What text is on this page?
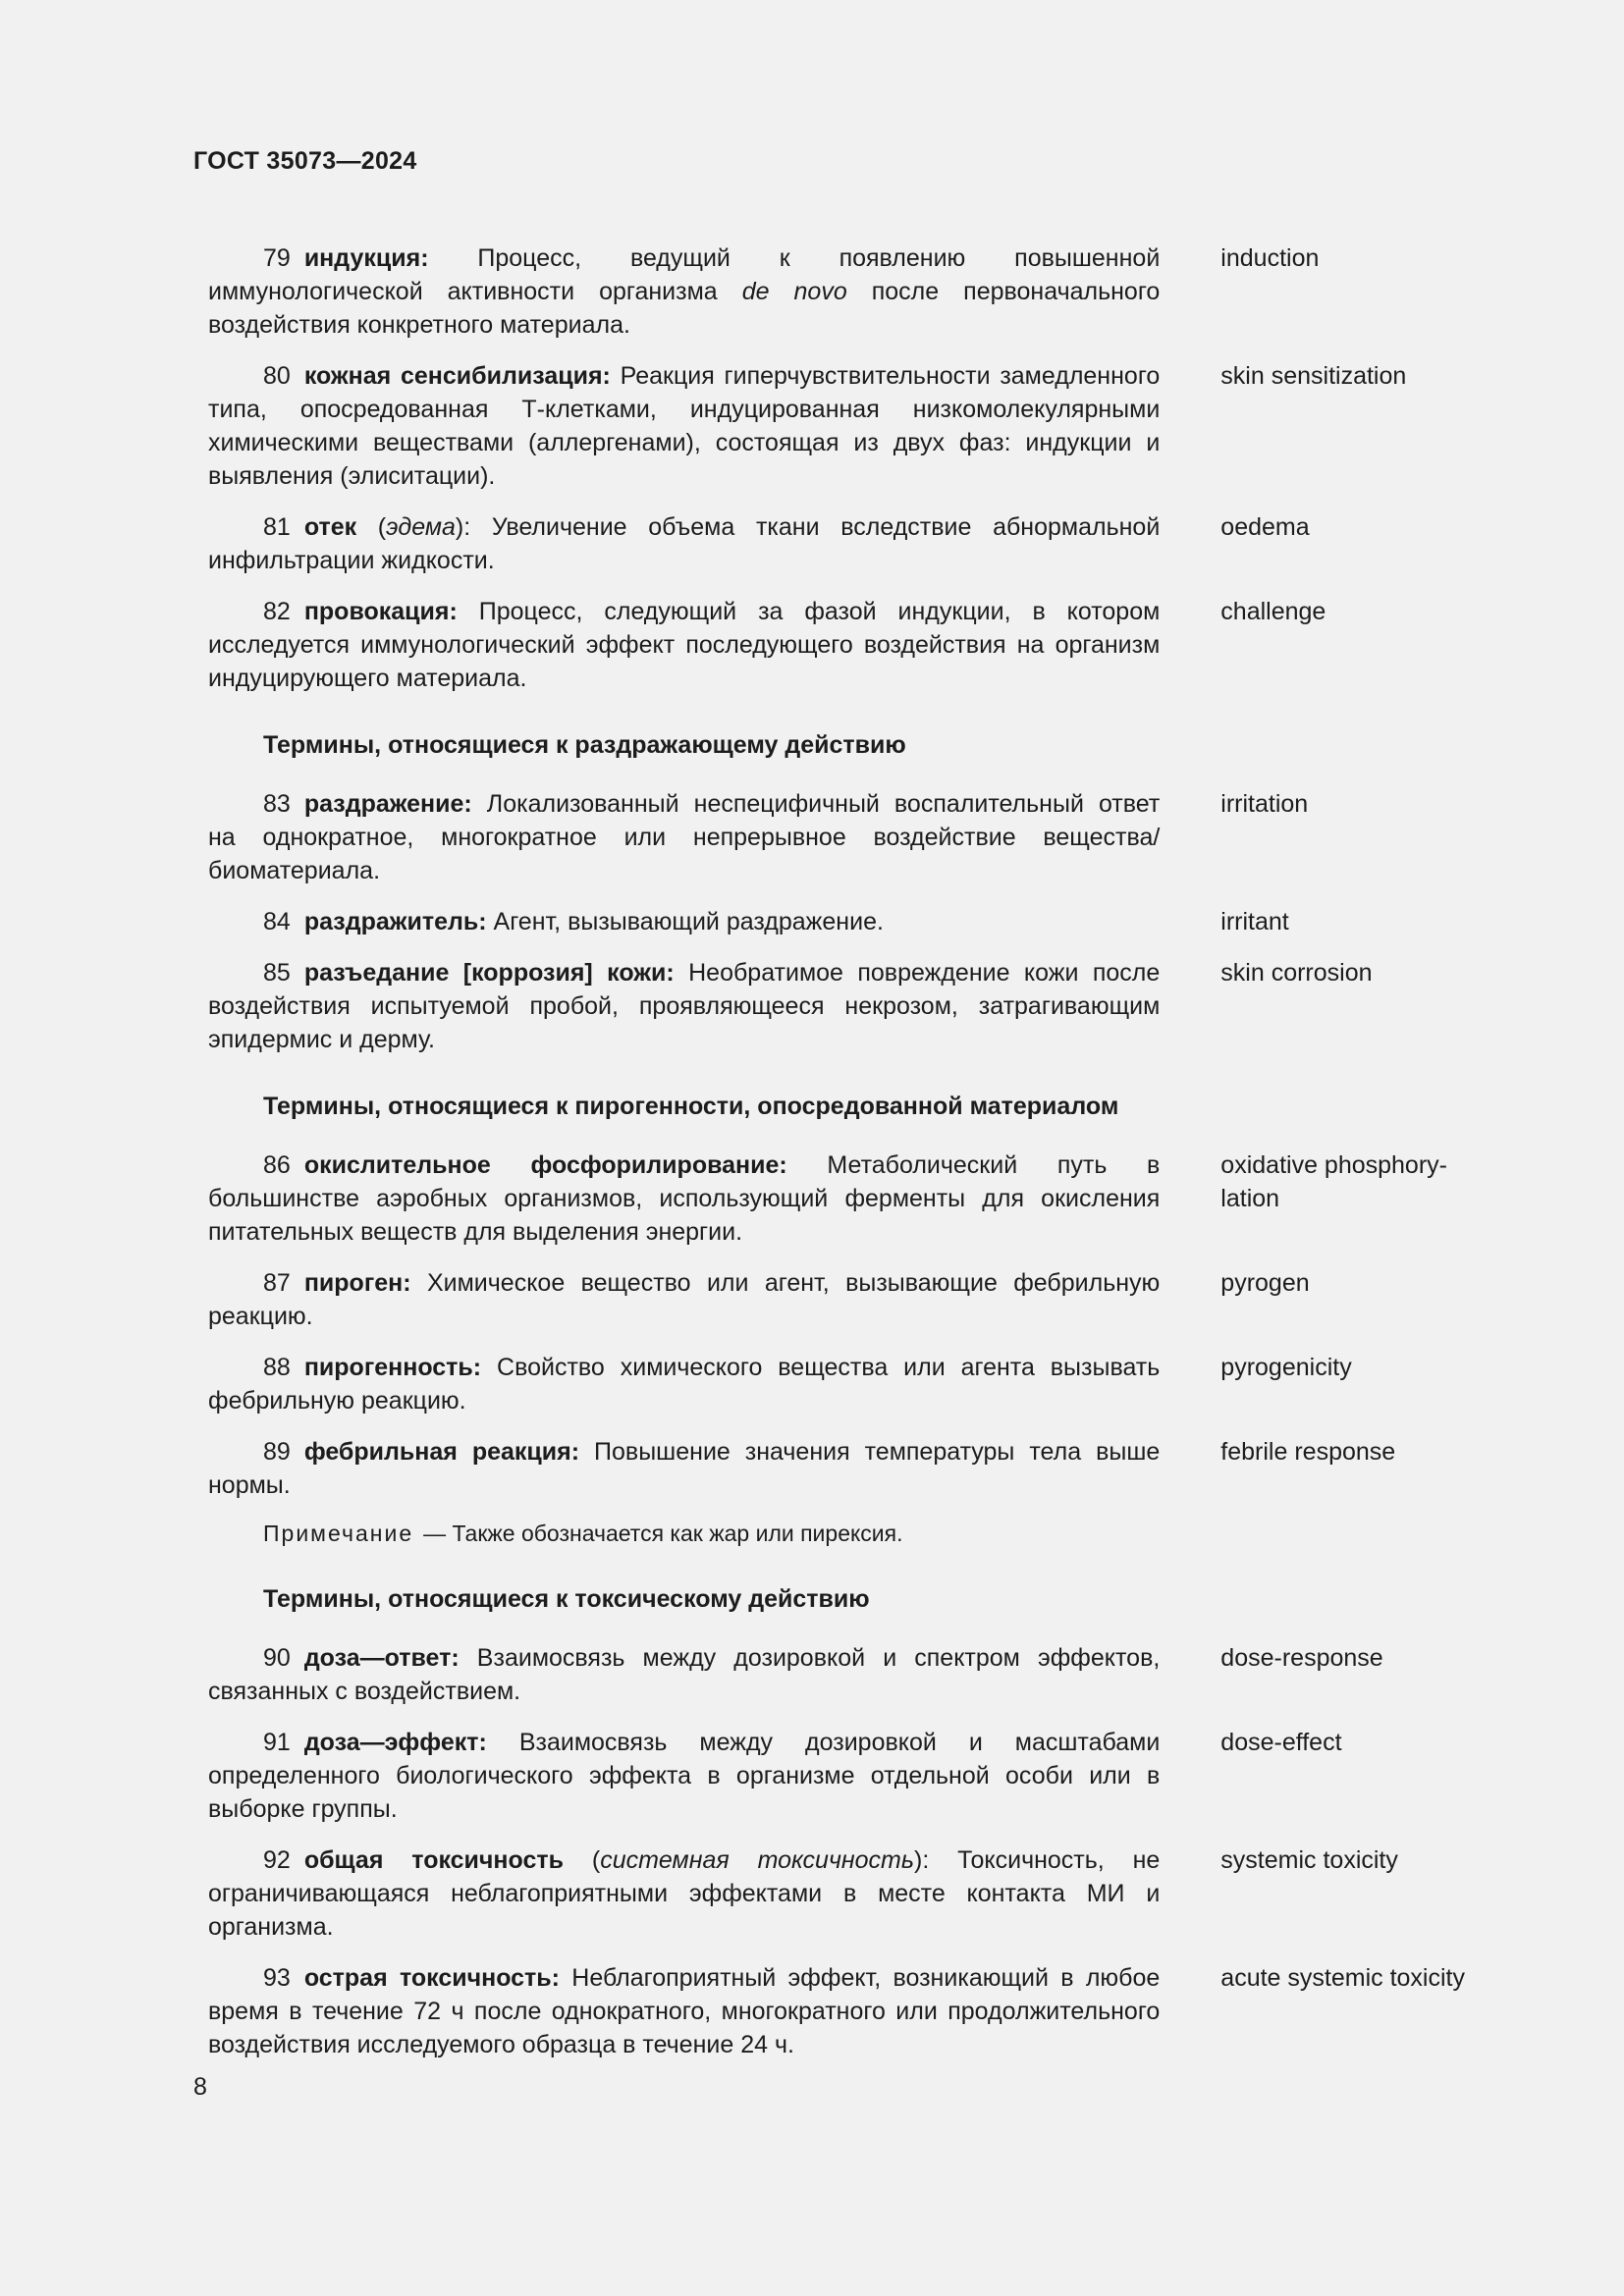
ГОСТ 35073—2024
79 индукция: Процесс, ведущий к появлению повышенной иммунологической активности организма de novo после первоначального воздействия конкретного материала.
induction
80 кожная сенсибилизация: Реакция гиперчувствительности замедленного типа, опосредованная Т-клетками, индуцированная низкомолекулярными химическими веществами (аллергенами), состоящая из двух фаз: индукции и выявления (элиситации).
skin sensitization
81 отек (эдема): Увеличение объема ткани вследствие абнормальной инфильтрации жидкости.
oedema
82 провокация: Процесс, следующий за фазой индукции, в котором исследуется иммунологический эффект последующего воздействия на организм индуцирующего материала.
challenge
Термины, относящиеся к раздражающему действию
83 раздражение: Локализованный неспецифичный воспалительный ответ на однократное, многократное или непрерывное воздействие вещества/биоматериала.
irritation
84 раздражитель: Агент, вызывающий раздражение.	irritant
85 разъедание [коррозия] кожи: Необратимое повреждение кожи после воздействия испытуемой пробой, проявляющееся некрозом, затрагивающим эпидермис и дерму.
skin corrosion
Термины, относящиеся к пирогенности, опосредованной материалом
86 окислительное фосфорилирование: Метаболический путь в большинстве аэробных организмов, использующий ферменты для окисления питательных веществ для выделения энергии.
oxidative phosphory-lation
87 пироген: Химическое вещество или агент, вызывающие фебрильную реакцию.
pyrogen
88 пирогенность: Свойство химического вещества или агента вызывать фебрильную реакцию.
pyrogenicity
89 фебрильная реакция: Повышение значения температуры тела выше нормы.
febrile response
Примечание — Также обозначается как жар или пирексия.
Термины, относящиеся к токсическому действию
90 доза—ответ: Взаимосвязь между дозировкой и спектром эффектов, связанных с воздействием.
dose-response
91 доза—эффект: Взаимосвязь между дозировкой и масштабами определенного биологического эффекта в организме отдельной особи или в выборке группы.
dose-effect
92 общая токсичность (системная токсичность): Токсичность, не ограничивающаяся неблагоприятными эффектами в месте контакта МИ и организма.
systemic toxicity
93 острая токсичность: Неблагоприятный эффект, возникающий в любое время в течение 72 ч после однократного, многократного или продолжительного воздействия исследуемого образца в течение 24 ч.
acute systemic toxicity
8
